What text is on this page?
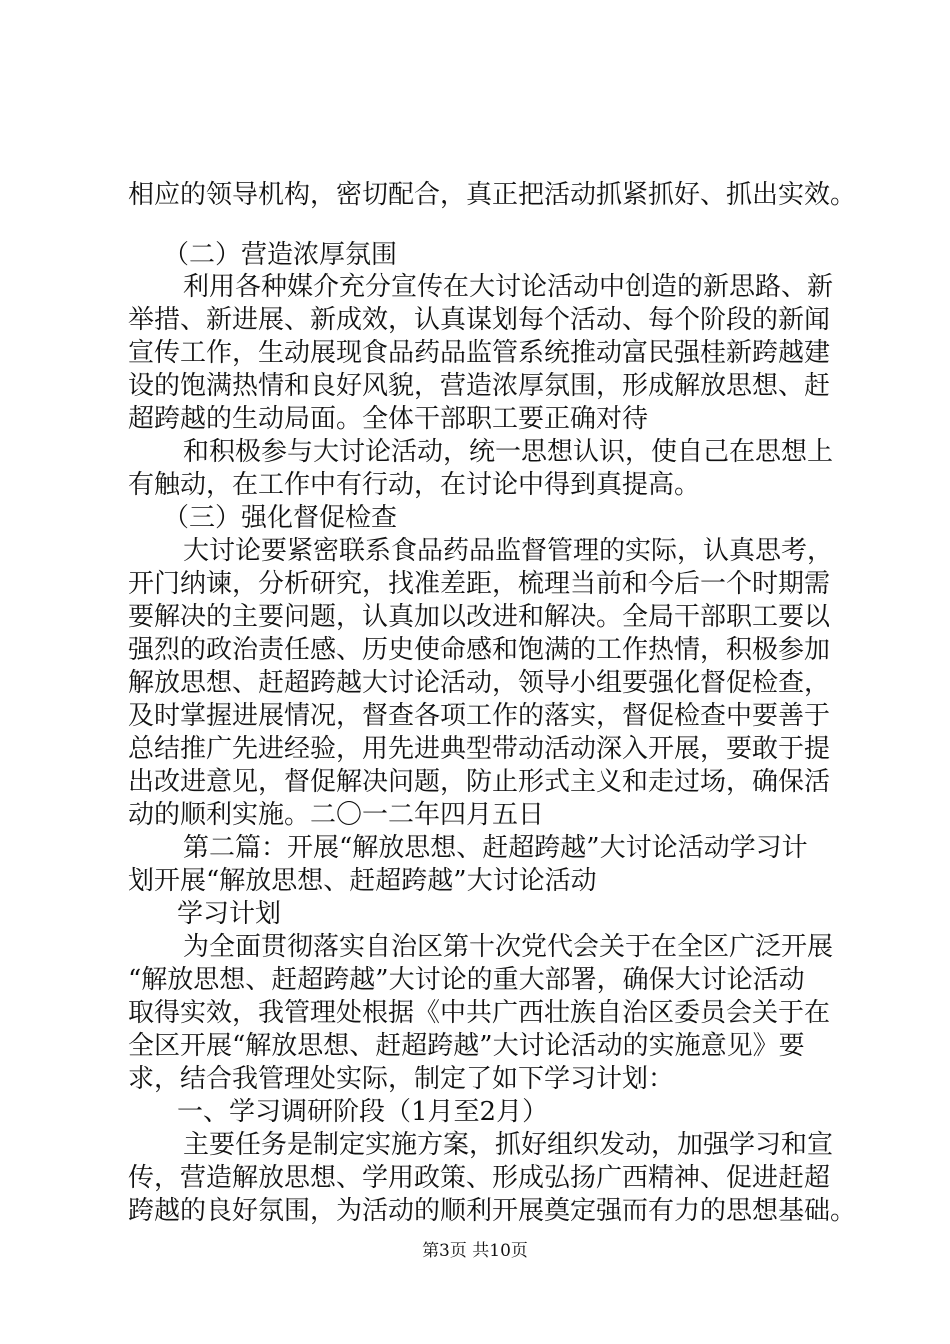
相应的领导机构，密切配合，真正把活动抓紧抓好、抓出实效。
（二）营造浓厚氛围
利用各种媒介充分宣传在大讨论活动中创造的新思路、新
举措、新进展、新成效，认真谋划每个活动、每个阶段的新闻
宣传工作，生动展现食品药品监管系统推动富民强桂新跨越建
设的饱满热情和良好风貌，营造浓厚氛围，形成解放思想、赶
超跨越的生动局面。全体干部职工要正确对待
和积极参与大讨论活动，统一思想认识，使自己在思想上
有触动，在工作中有行动，在讨论中得到真提高。
（三）强化督促检查
大讨论要紧密联系食品药品监督管理的实际，认真思考，
开门纳谏，分析研究，找准差距，梳理当前和今后一个时期需
要解决的主要问题，认真加以改进和解决。全局干部职工要以
强烈的政治责任感、历史使命感和饱满的工作热情，积极参加
解放思想、赶超跨越大讨论活动，领导小组要强化督促检查，
及时掌握进展情况，督查各项工作的落实，督促检查中要善于
总结推广先进经验，用先进典型带动活动深入开展，要敢于提
出改进意见，督促解决问题，防止形式主义和走过场，确保活
动的顺利实施。二〇一二年四月五日
第二篇：开展“解放思想、赶超跨越”大讨论活动学习计
划开展“解放思想、赶超跨越”大讨论活动
学习计划
为全面贯彻落实自治区第十次党代会关于在全区广泛开展
“解放思想、赶超跨越”大讨论的重大部署，确保大讨论活动
取得实效，我管理处根据《中共广西壮族自治区委员会关于在
全区开展“解放思想、赶超跨越”大讨论活动的实施意见》要
求，结合我管理处实际，制定了如下学习计划：
一、学习调研阶段（1月至2月）
主要任务是制定实施方案，抓好组织发动，加强学习和宣
传，营造解放思想、学用政策、形成弘扬广西精神、促进赶超
跨越的良好氛围，为活动的顺利开展奠定强而有力的思想基础。
第3页 共10页
